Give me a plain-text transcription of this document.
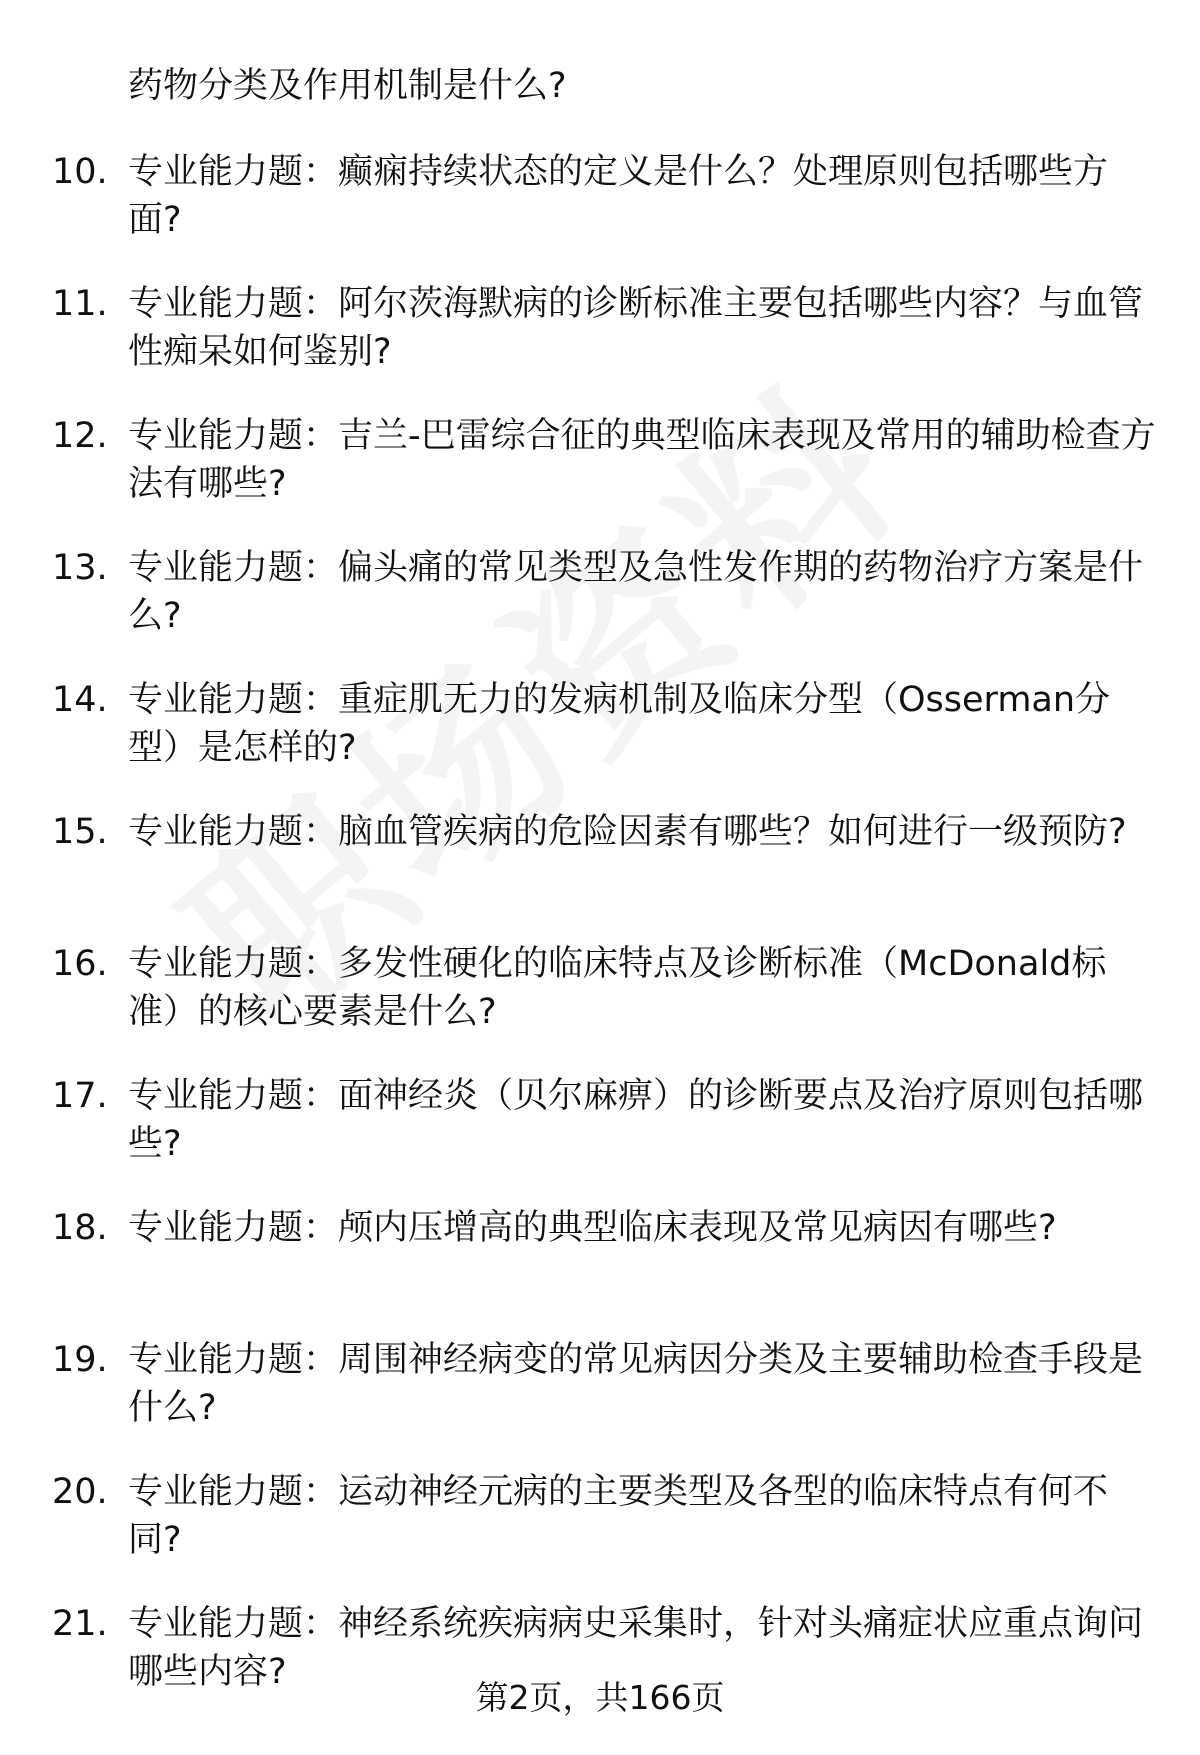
药物分类及作用机制是什么?
10. 专业能力题：癫痫持续状态的定义是什么？处理原则包括哪些方面?
11. 专业能力题：阿尔茨海默病的诊断标准主要包括哪些内容？与血管性痴呆如何鉴别?
12. 专业能力题：吉兰-巴雷综合征的典型临床表现及常用的辅助检查方法有哪些?
13. 专业能力题：偏头痛的常见类型及急性发作期的药物治疗方案是什么?
14. 专业能力题：重症肌无力的发病机制及临床分型（Osserman分型）是怎样的?
15. 专业能力题：脑血管疾病的危险因素有哪些？如何进行一级预防?
16. 专业能力题：多发性硬化的临床特点及诊断标准（McDonald标准）的核心要素是什么?
17. 专业能力题：面神经炎（贝尔麻痹）的诊断要点及治疗原则包括哪些?
18. 专业能力题：颅内压增高的典型临床表现及常见病因有哪些?
19. 专业能力题：周围神经病变的常见病因分类及主要辅助检查手段是什么?
20. 专业能力题：运动神经元病的主要类型及各型的临床特点有何不同?
21. 专业能力题：神经系统疾病病史采集时，针对头痛症状应重点询问哪些内容?
第2页，共166页
